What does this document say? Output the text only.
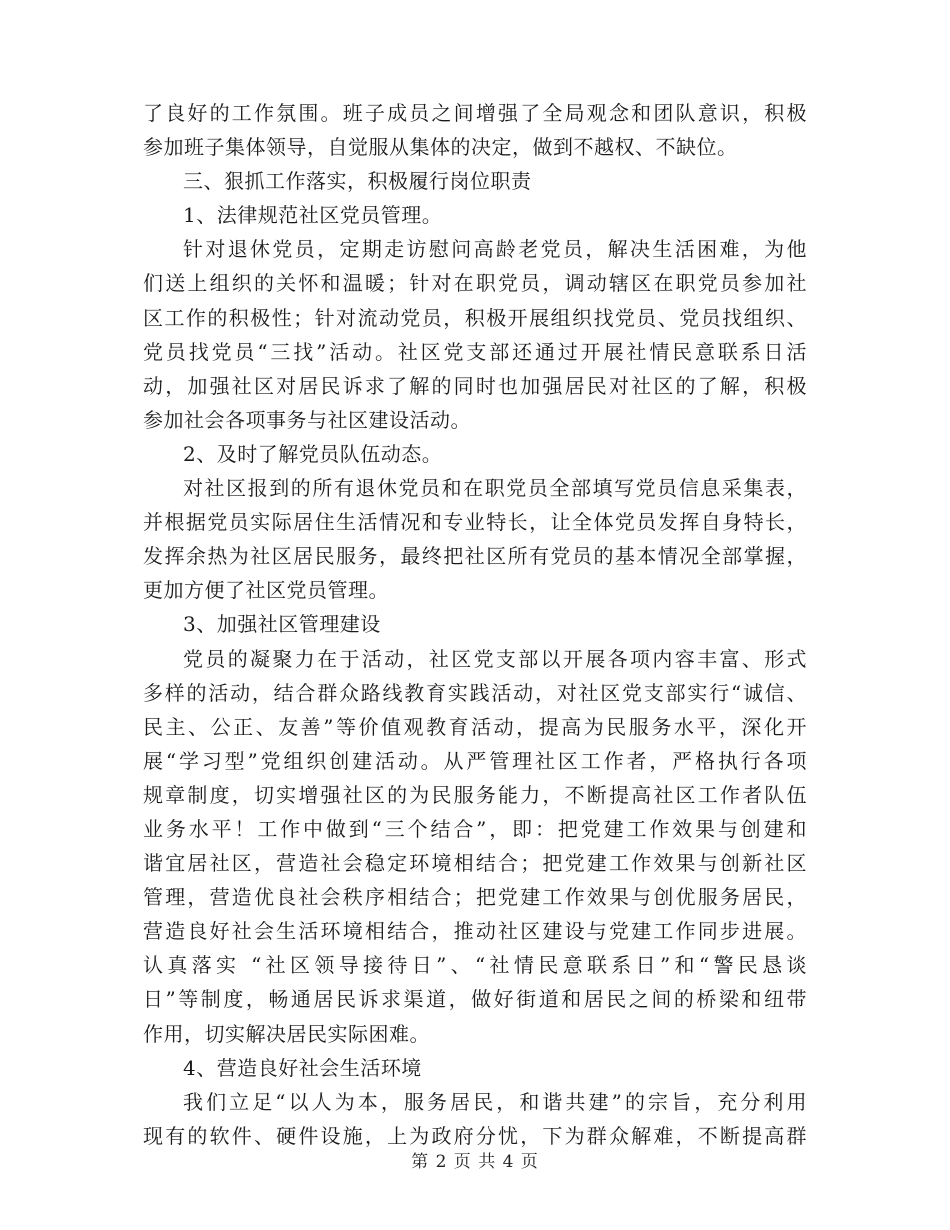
了良好的工作氛围。班子成员之间增强了全局观念和团队意识，积极
参加班子集体领导，自觉服从集体的决定，做到不越权、不缺位。
三、狠抓工作落实，积极履行岗位职责
1、法律规范社区党员管理。
针对退休党员，定期走访慰问高龄老党员，解决生活困难，为他
们送上组织的关怀和温暖；针对在职党员，调动辖区在职党员参加社
区工作的积极性；针对流动党员，积极开展组织找党员、党员找组织、
党员找党员“三找”活动。社区党支部还通过开展社情民意联系日活
动，加强社区对居民诉求了解的同时也加强居民对社区的了解，积极
参加社会各项事务与社区建设活动。
2、及时了解党员队伍动态。
对社区报到的所有退休党员和在职党员全部填写党员信息采集表，
并根据党员实际居住生活情况和专业特长，让全体党员发挥自身特长，
发挥余热为社区居民服务，最终把社区所有党员的基本情况全部掌握，
更加方便了社区党员管理。
3、加强社区管理建设
党员的凝聚力在于活动，社区党支部以开展各项内容丰富、形式
多样的活动，结合群众路线教育实践活动，对社区党支部实行“诚信、
民主、公正、友善”等价值观教育活动，提高为民服务水平，深化开
展“学习型”党组织创建活动。从严管理社区工作者，严格执行各项
规章制度，切实增强社区的为民服务能力，不断提高社区工作者队伍
业务水平！工作中做到“三个结合”，即：把党建工作效果与创建和
谐宜居社区，营造社会稳定环境相结合；把党建工作效果与创新社区
管理，营造优良社会秩序相结合；把党建工作效果与创优服务居民，
营造良好社会生活环境相结合，推动社区建设与党建工作同步进展。
认真落实 “社区领导接待日”、“社情民意联系日”和“警民恳谈
日”等制度，畅通居民诉求渠道，做好街道和居民之间的桥梁和纽带
作用，切实解决居民实际困难。
4、营造良好社会生活环境
我们立足“以人为本，服务居民，和谐共建”的宗旨，充分利用
现有的软件、硬件设施，上为政府分忧，下为群众解难，不断提高群
第 2 页 共 4 页
